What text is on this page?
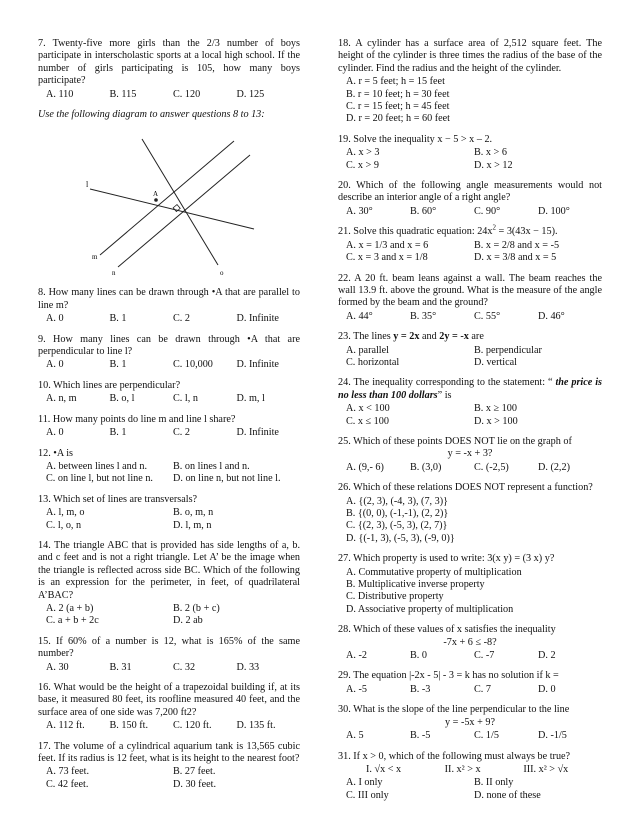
7. Twenty-five more girls than the 2/3 number of boys participate in interscholastic sports at a local high school. If the number of girls participating is 105, how many boys participate?

A. 110	B. 115	C. 120	D. 125

Use the following diagram to answer questions 8 to 13:

l
A
m
n	o

8. How many lines can be drawn through •A that are parallel to line m?

A. 0	B. 1	C. 2	D. Infinite

9. How many lines can be drawn through •A that are perpendicular to line l?

A. 0	B. 1	C. 10,000	D. Infinite

10. Which lines are perpendicular?

A. n, m	B. o, l	C. l, n	D. m, l

11. How many points do line m and line l share?

A. 0	B. 1	C. 2	D. Infinite

12. •A is

A. between lines l and n.	B. on lines l and n.
C. on line l, but not line n.	D. on line n, but not line l.

13. Which set of lines are transversals?

A. l, m, o	B. o, m, n
C. l, o, n	D. l, m, n

14. The triangle ABC that is provided has side lengths of a, b. and c feet and is not a right triangle. Let A’ be the image when the triangle is reflected across side BC. Which of the following is an expression for the perimeter, in feet, of quadrilateral A’BAC?

A. 2 (a + b)	B. 2 (b + c)
C. a + b + 2c	D. 2 ab

15. If 60% of a number is 12, what is 165% of the same number?

A. 30	B. 31	C. 32	D. 33

16. What would be the height of a trapezoidal building if, at its base, it measured 80 feet, its roofline measured 40 feet, and the surface area of one side was 7,200 ft2?

A. 112 ft.	B. 150 ft.	C. 120 ft.	D. 135 ft.

17. The volume of a cylindrical aquarium tank is 13,565 cubic feet. If its radius is 12 feet, what is its height to the nearest foot?

A. 73 feet.	B. 27 feet.
C. 42 feet.	D. 30 feet.

18. A cylinder has a surface area of 2,512 square feet. The height of the cylinder is three times the radius of the base of the cylinder. Find the radius and the height of the cylinder.

A. r = 5 feet; h = 15 feet
B. r = 10 feet; h = 30 feet
C. r = 15 feet; h = 45 feet
D. r = 20 feet; h = 60 feet

19. Solve the inequality x − 5 > x – 2.

A. x > 3	B. x > 6
C. x > 9	D. x > 12

20. Which of the following angle measurements would not describe an interior angle of a right angle?

A. 30°	B. 60°	C. 90°	D. 100°

21. Solve this quadratic equation: $24x^2 = 3(43x - 15)$.

A. x = 1/3 and x = 6	B. x = 2/8 and x = -5
C. x = 3 and x = 1/8	D. x = 3/8 and x = 5

22. A 20 ft. beam leans against a wall. The beam reaches the wall 13.9 ft. above the ground. What is the measure of the angle formed by the beam and the ground?

A. 44°	B. 35°	C. 55°	D. 46°

23. The lines y = 2x and 2y = -x are

A. parallel	B. perpendicular
C. horizontal	D. vertical

24. The inequality corresponding to the statement: “ the price is no less than 100 dollars” is

A. x < 100	B. x ≥ 100
C. x ≤ 100	D. x > 100

25. Which of these points DOES NOT lie on the graph of

y = -x + 3?

A. (9,- 6)	B. (3,0)	C. (-2,5)	D. (2,2)

26. Which of these relations DOES NOT represent a function?

A. {(2, 3), (-4, 3), (7, 3)}
B. {(0, 0), (-1,-1), (2, 2)}
C. {(2, 3), (-5, 3), (2, 7)}
D. {(-1, 3), (-5, 3), (-9, 0)}

27. Which property is used to write: 3(x y) = (3 x) y?

A. Commutative property of multiplication
B. Multiplicative inverse property
C. Distributive property
D. Associative property of multiplication

28. Which of these values of x satisfies the inequality

-7x + 6 ≤ -8?

A. -2	B. 0	C. -7	D. 2

29. The equation |-2x - 5| - 3 = k has no solution if k =

A. -5	B. -3	C. 7	D. 0

30. What is the slope of the line perpendicular to the line

y = -5x + 9?

A. 5	B. -5	C. 1/5	D. -1/5

31. If x > 0, which of the following must always be true?

I. √x < x	II. x² > x	III. x² > √x
A. I only	B. II only
C. III only	D. none of these
